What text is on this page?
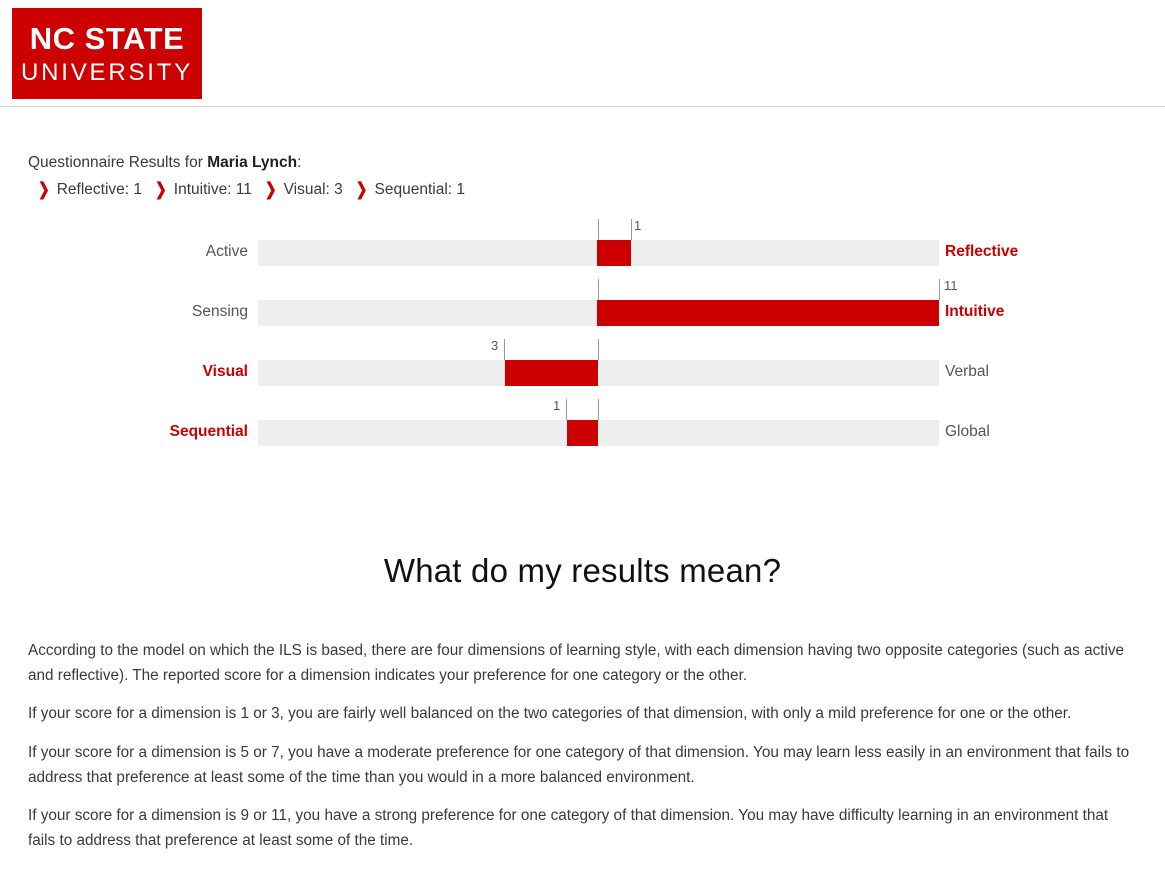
NC STATE
UNIVERSITY
Questionnaire Results for Maria Lynch:
❯ Reflective: 1 ❯ Intuitive: 11 ❯ Visual: 3 ❯ Sequential: 1
Active
1
Reflective
Sensing
11
Intuitive
Visual
3
Verbal
Sequential
1
Global
What do my results mean?

According to the model on which the ILS is based, there are four dimensions of learning style, with each dimension having two opposite categories (such as active and reflective). The reported score for a dimension indicates your preference for one category or the other.

If your score for a dimension is 1 or 3, you are fairly well balanced on the two categories of that dimension, with only a mild preference for one or the other.

If your score for a dimension is 5 or 7, you have a moderate preference for one category of that dimension. You may learn less easily in an environment that fails to address that preference at least some of the time than you would in a more balanced environment.

If your score for a dimension is 9 or 11, you have a strong preference for one category of that dimension. You may have difficulty learning in an environment that fails to address that preference at least some of the time.
